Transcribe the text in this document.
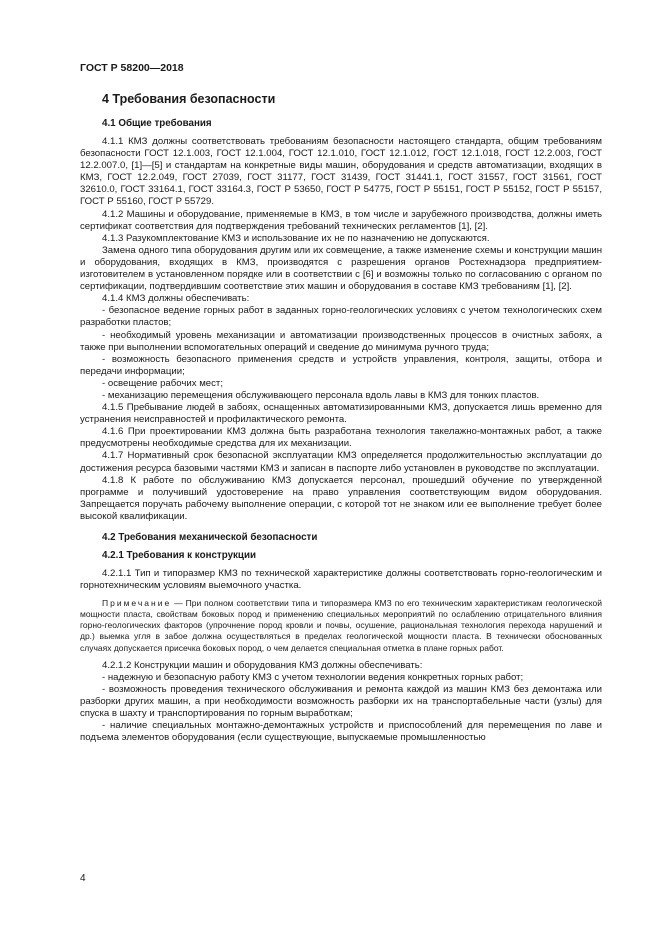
ГОСТ Р 58200—2018
4 Требования безопасности
4.1 Общие требования

4.1.1 КМЗ должны соответствовать требованиям безопасности настоящего стандарта, общим требованиям безопасности ГОСТ 12.1.003, ГОСТ 12.1.004, ГОСТ 12.1.010, ГОСТ 12.1.012, ГОСТ 12.1.018, ГОСТ 12.2.003, ГОСТ 12.2.007.0, [1]—[5] и стандартам на конкретные виды машин, оборудования и средств автоматизации, входящих в КМЗ, ГОСТ 12.2.049, ГОСТ 27039, ГОСТ 31177, ГОСТ 31439, ГОСТ 31441.1, ГОСТ 31557, ГОСТ 31561, ГОСТ 32610.0, ГОСТ 33164.1, ГОСТ 33164.3, ГОСТ Р 53650, ГОСТ Р 54775, ГОСТ Р 55151, ГОСТ Р 55152, ГОСТ Р 55157, ГОСТ Р 55160, ГОСТ Р 55729.

4.1.2 Машины и оборудование, применяемые в КМЗ, в том числе и зарубежного производства, должны иметь сертификат соответствия для подтверждения требований технических регламентов [1], [2].

4.1.3 Разукомплектование КМЗ и использование их не по назначению не допускаются.

Замена одного типа оборудования другим или их совмещение, а также изменение схемы и конструкции машин и оборудования, входящих в КМЗ, производятся с разрешения органов Ростехнадзора предприятием-изготовителем в установленном порядке или в соответствии с [6] и возможны только по согласованию с органом по сертификации, подтвердившим соответствие этих машин и оборудования в составе КМЗ требованиям [1], [2].

4.1.4 КМЗ должны обеспечивать:

- безопасное ведение горных работ в заданных горно-геологических условиях с учетом технологических схем разработки пластов;

- необходимый уровень механизации и автоматизации производственных процессов в очистных забоях, а также при выполнении вспомогательных операций и сведение до минимума ручного труда;

- возможность безопасного применения средств и устройств управления, контроля, защиты, отбора и передачи информации;

- освещение рабочих мест;

- механизацию перемещения обслуживающего персонала вдоль лавы в КМЗ для тонких пластов.

4.1.5 Пребывание людей в забоях, оснащенных автоматизированными КМЗ, допускается лишь временно для устранения неисправностей и профилактического ремонта.

4.1.6 При проектировании КМЗ должна быть разработана технология такелажно-монтажных работ, а также предусмотрены необходимые средства для их механизации.

4.1.7 Нормативный срок безопасной эксплуатации КМЗ определяется продолжительностью эксплуатации до достижения ресурса базовыми частями КМЗ и записан в паспорте либо установлен в руководстве по эксплуатации.

4.1.8 К работе по обслуживанию КМЗ допускается персонал, прошедший обучение по утвержденной программе и получивший удостоверение на право управления соответствующим видом оборудования. Запрещается поручать рабочему выполнение операции, с которой тот не знаком или ее выполнение требует более высокой квалификации.

4.2 Требования механической безопасности
4.2.1 Требования к конструкции

4.2.1.1 Тип и типоразмер КМЗ по технической характеристике должны соответствовать горно-геологическим и горнотехническим условиям выемочного участка.

Примечание — При полном соответствии типа и типоразмера КМЗ по его техническим характеристикам геологической мощности пласта, свойствам боковых пород и применению специальных мероприятий по ослаблению отрицательного влияния горно-геологических факторов (упрочнение пород кровли и почвы, осушение, рациональная технология перехода нарушений и др.) выемка угля в забое должна осуществляться в пределах геологической мощности пласта. В технически обоснованных случаях допускается присечка боковых пород, о чем делается специальная отметка в плане горных работ.

4.2.1.2 Конструкции машин и оборудования КМЗ должны обеспечивать:

- надежную и безопасную работу КМЗ с учетом технологии ведения конкретных горных работ;

- возможность проведения технического обслуживания и ремонта каждой из машин КМЗ без демонтажа или разборки других машин, а при необходимости возможность разборки их на транспортабельные части (узлы) для спуска в шахту и транспортирования по горным выработкам;

- наличие специальных монтажно-демонтажных устройств и приспособлений для перемещения по лаве и подъема элементов оборудования (если существующие, выпускаемые промышленностью

4
